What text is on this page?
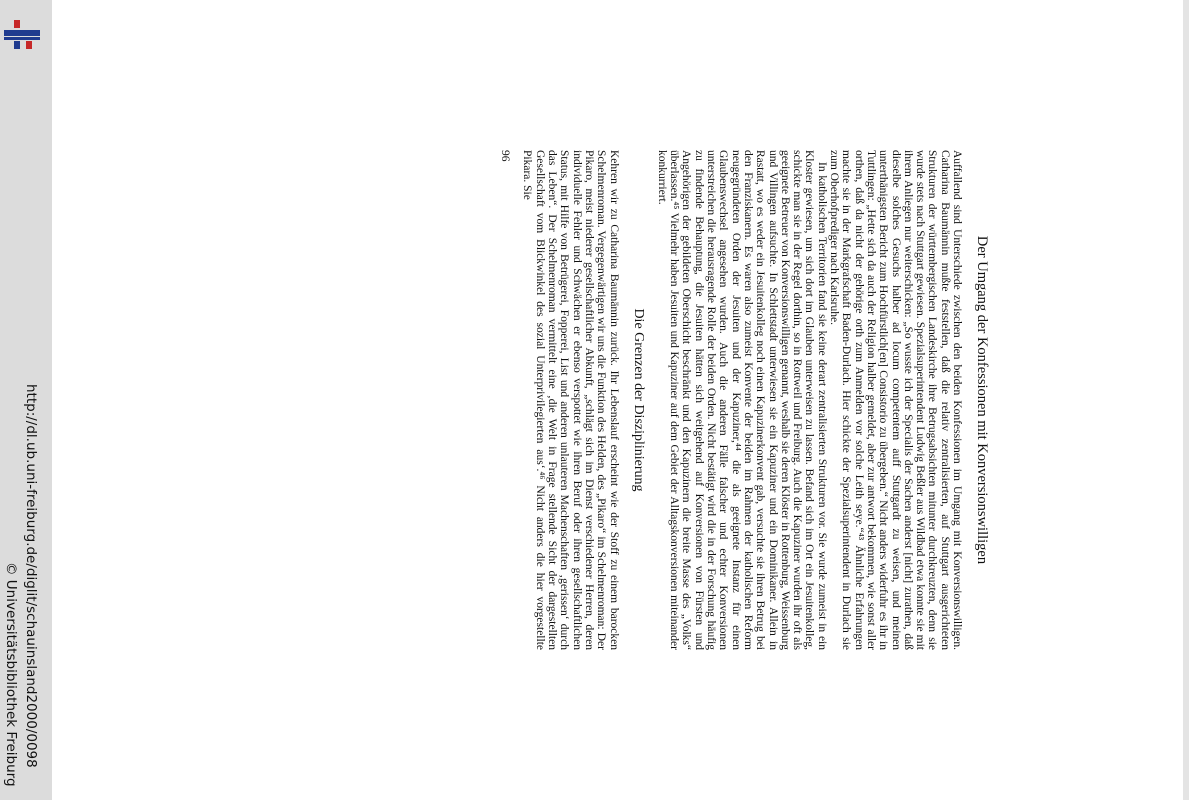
http://dl.ub.uni-freiburg.de/diglit/schauinsland2000/0098
© Universitätsbibliothek Freiburg
Der Umgang der Konfessionen mit Konversionswilligen

Auffallend sind Unterschiede zwischen den beiden Konfessionen im Umgang mit Konversionswilligen. Catharina Baumännin mußte feststellen, daß die relativ zentralisierten, auf Stuttgart ausgerichteten Strukturen der württembergischen Landeskirche ihre Betrugsabsichten mitunter durchkreuzten, denn sie wurde stets nach Stuttgart gewiesen. Spezialsuperintendent Ludwig Beßler aus Wildbad etwa konnte sie mit ihrem Anliegen nur weiterschicken: „So wusste ich der Specialis der Sachen anderst [nicht] zurathen, daß dieselbe solches Gesuchs halber ad locum competentem auff Stuttgardt zu weisen, und meinen unterthänigsten Bericht zum Hochfürstlich[en] Consistorio zu übergeben.“ Nicht anders widerfuhr es ihr in Tuttlingen: „Hette sich da auch der Religion halber gemeldet, aber zur antwort bekommen, wie sonst aller orthen, daß da nicht der gehörige orth zum Anmelden vor solche Leith seye.“⁴³ Ähnliche Erfahrungen machte sie in der Markgrafschaft Baden-Durlach. Hier schickte der Spezialsuperintendent in Durlach sie zum Oberhofprediger nach Karlsruhe.

In katholischen Territorien fand sie keine derart zentralisierten Strukturen vor. Sie wurde zumeist in ein Kloster gewiesen, um sich dort im Glauben unterweisen zu lassen. Befand sich im Ort ein Jesuitenkolleg, schickte man sie in der Regel dorthin, so in Rottweil und Freiburg. Auch die Kapuziner wurden ihr oft als geeignete Betreuer von Konversionswilligen genannt, weshalb sie deren Klöster in Rottenburg, Weissenburg und Villingen aufsuchte. In Schlettstadt unterwiesen sie ein Kapuziner und ein Dominikaner. Allein in Rastatt, wo es weder ein Jesuitenkolleg noch einen Kapuzinerkonvent gab, versuchte sie ihren Betrug bei den Franziskanern. Es waren also zumeist Konvente der beiden im Rahmen der katholischen Reform neugegründeten Orden der Jesuiten und der Kapuziner,⁴⁴ die als geeignete Instanz für einen Glaubenswechsel angesehen wurden. Auch die anderen Fälle falscher und echter Konversionen unterstreichen die herausragende Rolle der beiden Orden. Nicht bestätigt wird die in der Forschung häufig zu findende Behauptung, die Jesuiten hätten sich weitgehend auf Konversionen von Fürsten und Angehörigen der gebildeten Oberschicht beschränkt und den Kapuzinern die breite Masse des „Volks“ überlassen.⁴⁵ Vielmehr haben Jesuiten und Kapuziner auf dem Gebiet der Alltagskonversionen miteinander konkurriert.

Die Grenzen der Disziplinierung

Kehren wir zu Catharina Baumännin zurück. Ihr Lebenslauf erscheint wie der Stoff zu einem barocken Schelmenroman. Vergegenwärtigen wir uns die Funktion des Helden, des „Pikaro“ im Schelmenroman: Der Pikaro, meist niederer gesellschaftlicher Abkunft, „schlägt sich im Dienst verschiedener Herren, deren individuelle Fehler und Schwächen er ebenso verspottet wie ihren Beruf oder ihren gesellschaftlichen Status, mit Hilfe von Betrügerei, Fopperei, List und anderen unlauteren Machenschaften ‚gerissen‘ durch das Leben“. Der Schelmenroman vermittelt eine ‚die Welt in Frage stellende Sicht der dargestellten Gesellschaft vom Blickwinkel des sozial Unterprivilegierten aus‘.⁴⁶ Nicht anders die hier vorgestellte Pikara. Sie

96
